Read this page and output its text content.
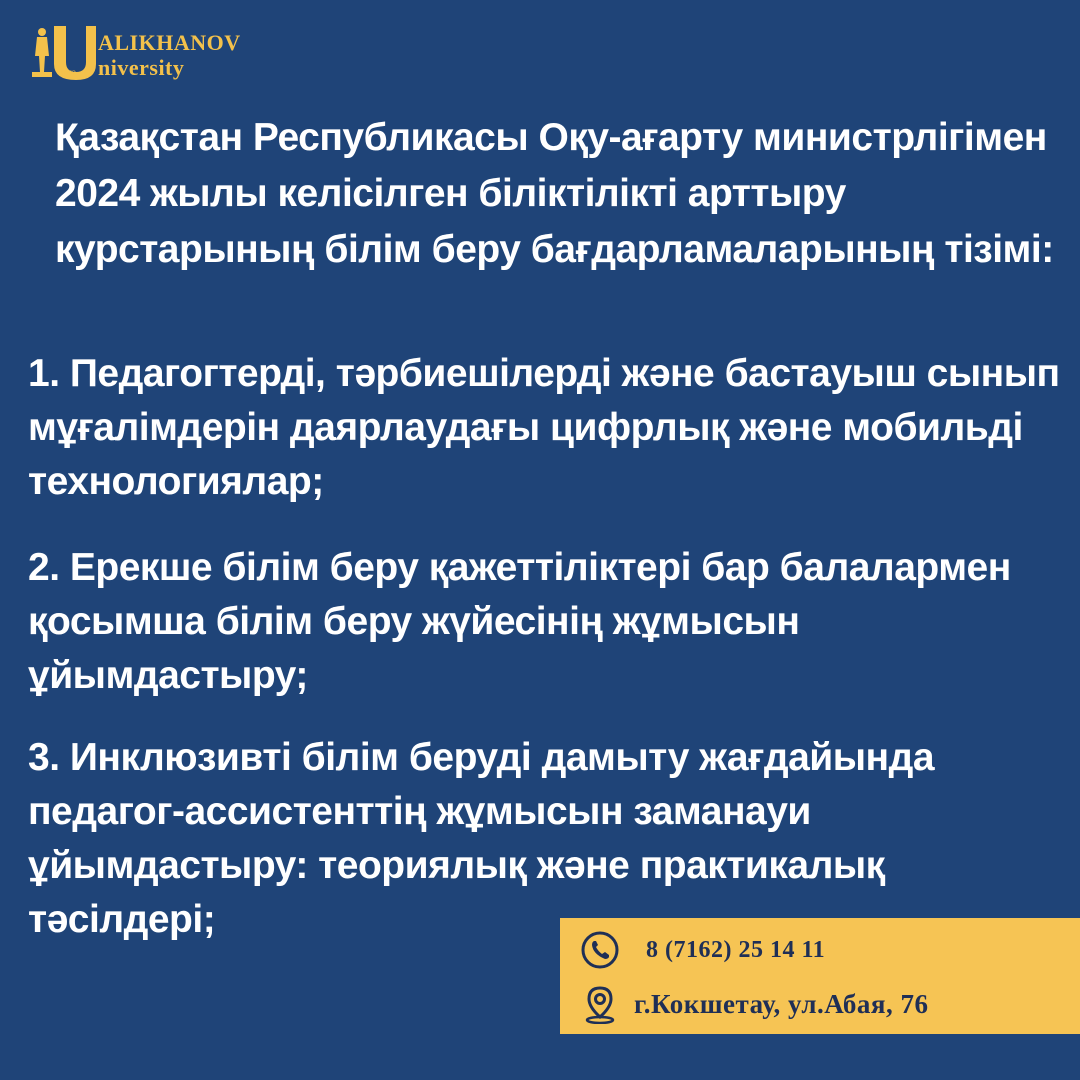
ALIKHANOV
niversity
1962
Қазақстан Республикасы Оқу-ағарту министрлігімен 2024 жылы келісілген біліктілікті арттыру курстарының білім беру бағдарламаларының тізімі:
1. Педагогтерді, тәрбиешілерді және бастауыш сынып мұғалімдерін даярлаудағы цифрлық және мобильді технологиялар;
2. Ерекше білім беру қажеттіліктері бар балалармен қосымша білім беру жүйесінің жұмысын ұйымдастыру;
3. Инклюзивті білім беруді дамыту жағдайында педагог-ассистенттің жұмысын заманауи ұйымдастыру: теориялық және практикалық тәсілдері;
8 (7162) 25 14 11
г.Кокшетау, ул.Абая, 76
